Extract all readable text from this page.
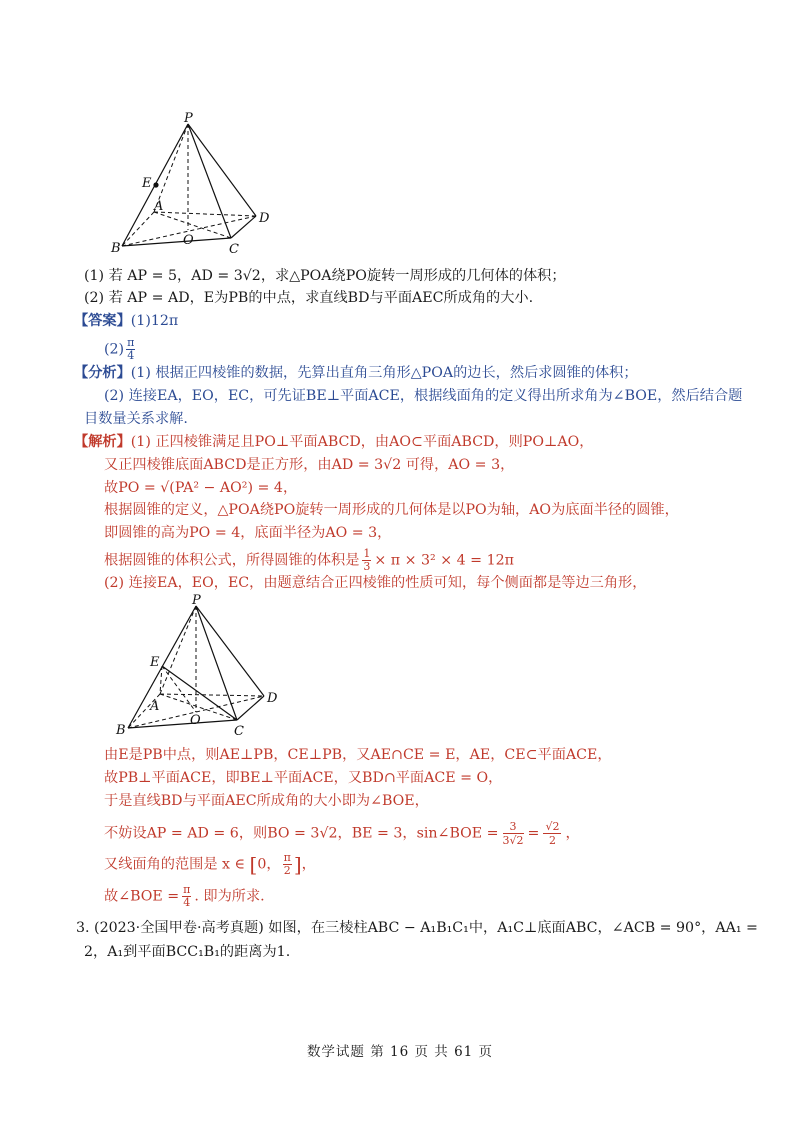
P
E
A
D
O
B	C
(1) 若 AP = 5，AD = 3√2，求△POA绕PO旋转一周形成的几何体的体积；
(2) 若 AP = AD，E为PB的中点，求直线BD与平面AEC所成角的大小.
【答案】(1)12π
$(2) \frac{\pi}{4}$
【分析】(1) 根据正四棱锥的数据，先算出直角三角形△POA的边长，然后求圆锥的体积；
(2) 连接EA，EO，EC，可先证BE⊥平面ACE，根据线面角的定义得出所求角为∠BOE，然后结合题
目数量关系求解.
【解析】(1) 正四棱锥满足且PO⊥平面ABCD，由AO⊂平面ABCD，则PO⊥AO，
又正四棱锥底面ABCD是正方形，由AD = 3√2 可得，AO = 3，
故PO = √(PA² − AO²) = 4，
根据圆锥的定义，△POA绕PO旋转一周形成的几何体是以PO为轴，AO为底面半径的圆锥，
即圆锥的高为PO = 4，底面半径为AO = 3，
根据圆锥的体积公式，所得圆锥的体积是 $\frac{1}{3} \times \pi \times 3^2 \times 4 = 12\pi$
(2) 连接EA，EO，EC，由题意结合正四棱锥的性质可知，每个侧面都是等边三角形，
P
E
A
D
O
B	C
由E是PB中点，则AE⊥PB，CE⊥PB，又AE∩CE = E，AE，CE⊂平面ACE，
故PB⊥平面ACE，即BE⊥平面ACE，又BD∩平面ACE = O，
于是直线BD与平面AEC所成角的大小即为∠BOE，
不妨设AP = AD = 6，则BO = 3√2，BE = 3，sin∠BOE = $\frac{3}{3√2} = \frac{√2}{2}$ ，
又线面角的范围是 x ∈ [0， $\frac{\pi}{2}$ ]，
故∠BOE = $\frac{\pi}{4}$ . 即为所求.
3. (2023·全国甲卷·高考真题) 如图，在三棱柱ABC − A₁B₁C₁中，A₁C⊥底面ABC，∠ACB = 90°，AA₁ =
2，A₁到平面BCC₁B₁的距离为1.
数学试题 第 16 页 共 61 页
